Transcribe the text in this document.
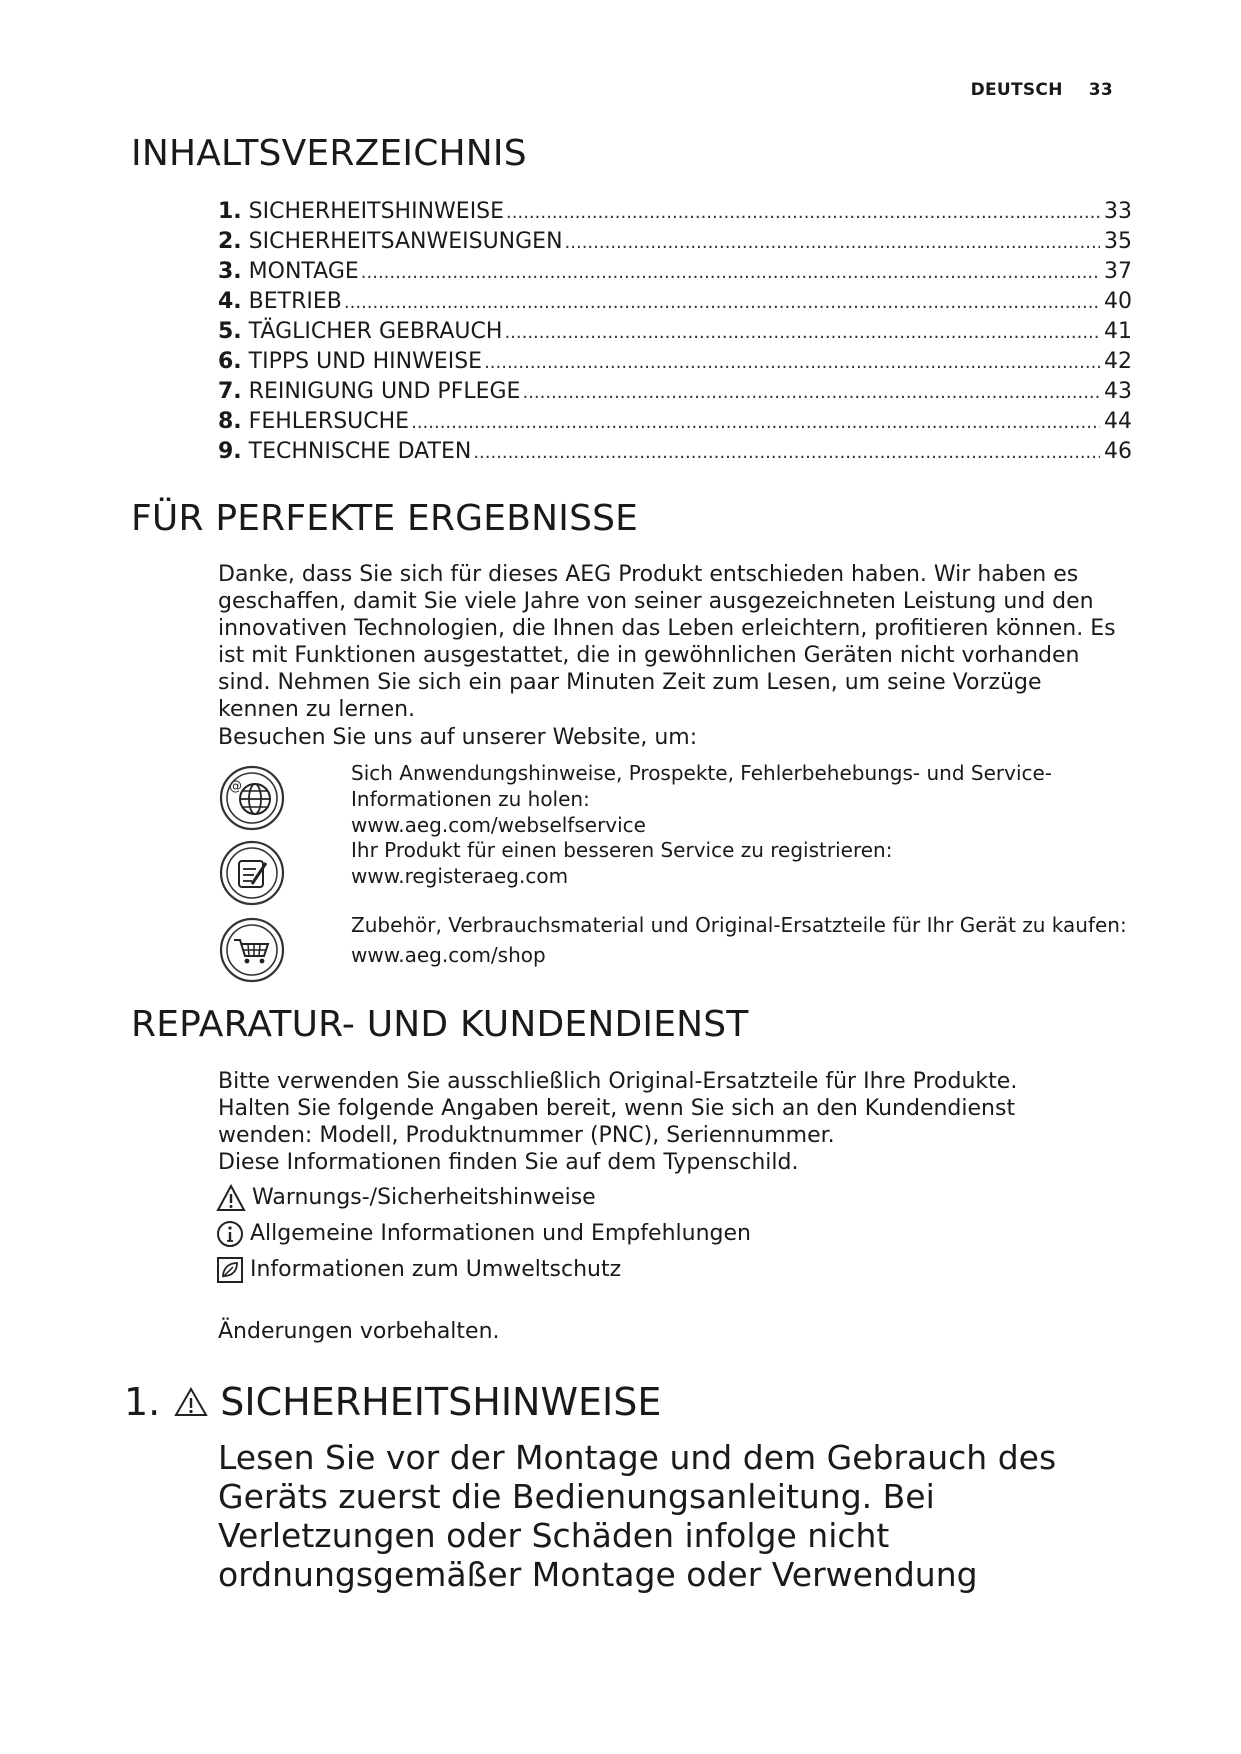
DEUTSCH 33
INHALTSVERZEICHNIS
1. SICHERHEITSHINWEISE .....	33
2. SICHERHEITSANWEISUNGEN .....	35
3. MONTAGE .....	37
4. BETRIEB .....	40
5. TÄGLICHER GEBRAUCH .....	41
6. TIPPS UND HINWEISE .....	42
7. REINIGUNG UND PFLEGE .....	43
8. FEHLERSUCHE .....	44
9. TECHNISCHE DATEN .....	46
FÜR PERFEKTE ERGEBNISSE
Danke, dass Sie sich für dieses AEG Produkt entschieden haben. Wir haben es geschaffen, damit Sie viele Jahre von seiner ausgezeichneten Leistung und den innovativen Technologien, die Ihnen das Leben erleichtern, profitieren können. Es ist mit Funktionen ausgestattet, die in gewöhnlichen Geräten nicht vorhanden sind. Nehmen Sie sich ein paar Minuten Zeit zum Lesen, um seine Vorzüge kennen zu lernen.
Besuchen Sie uns auf unserer Website, um:
@
Sich Anwendungshinweise, Prospekte, Fehlerbehebungs- und Service-Informationen zu holen:
www.aeg.com/webselfservice
Ihr Produkt für einen besseren Service zu registrieren:
www.registeraeg.com
Zubehör, Verbrauchsmaterial und Original-Ersatzteile für Ihr Gerät zu kaufen:
www.aeg.com/shop
REPARATUR- UND KUNDENDIENST
Bitte verwenden Sie ausschließlich Original-Ersatzteile für Ihre Produkte. Halten Sie folgende Angaben bereit, wenn Sie sich an den Kundendienst wenden: Modell, Produktnummer (PNC), Seriennummer.
Diese Informationen finden Sie auf dem Typenschild.
Warnungs-/Sicherheitshinweise
Allgemeine Informationen und Empfehlungen
Informationen zum Umweltschutz
Änderungen vorbehalten.
1. SICHERHEITSHINWEISE
Lesen Sie vor der Montage und dem Gebrauch des Geräts zuerst die Bedienungsanleitung. Bei Verletzungen oder Schäden infolge nicht ordnungsgemäßer Montage oder Verwendung
